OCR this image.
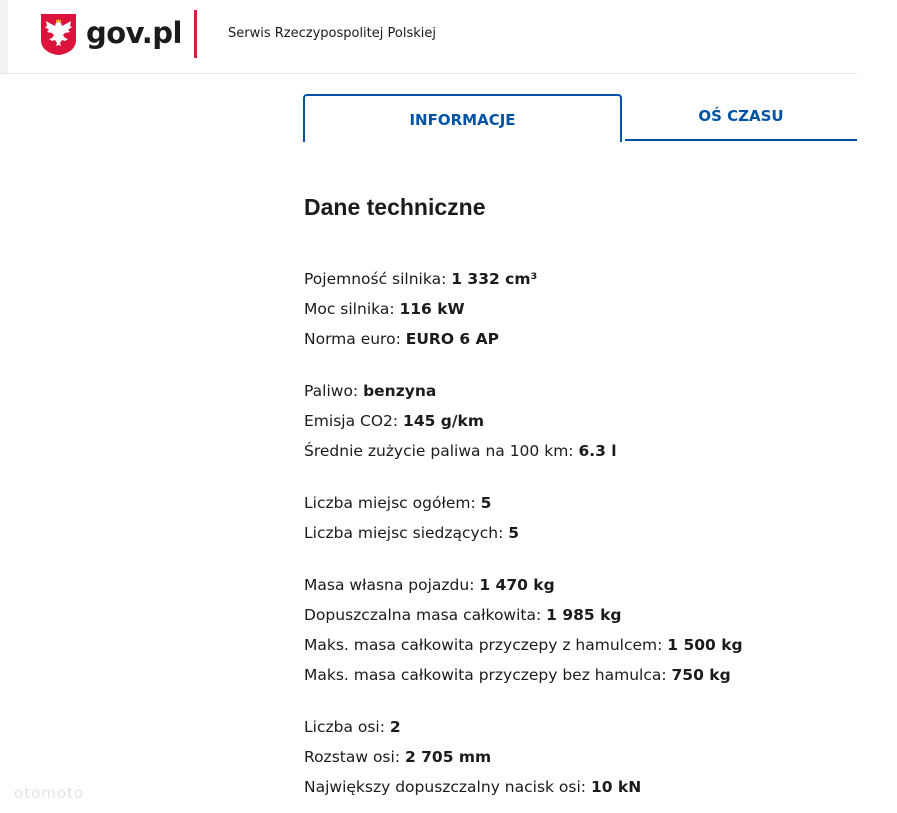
gov.pl	Serwis Rzeczypospolitej Polskiej
INFORMACJE	OŚ CZASU
Dane techniczne
Pojemność silnika: 1 332 cm³
Moc silnika: 116 kW
Norma euro: EURO 6 AP
Paliwo: benzyna
Emisja CO2: 145 g/km
Średnie zużycie paliwa na 100 km: 6.3 l
Liczba miejsc ogółem: 5
Liczba miejsc siedzących: 5
Masa własna pojazdu: 1 470 kg
Dopuszczalna masa całkowita: 1 985 kg
Maks. masa całkowita przyczepy z hamulcem: 1 500 kg
Maks. masa całkowita przyczepy bez hamulca: 750 kg
Liczba osi: 2
Rozstaw osi: 2 705 mm
Największy dopuszczalny nacisk osi: 10 kN
otomoto
